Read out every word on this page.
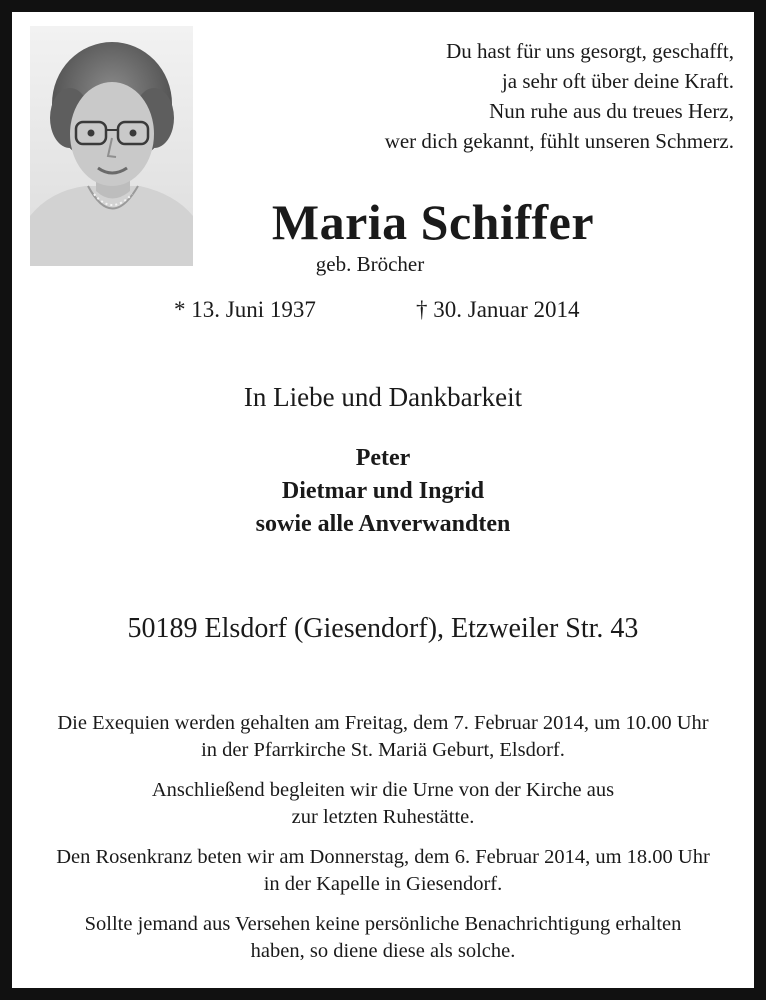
Du hast für uns gesorgt, geschafft,
ja sehr oft über deine Kraft.
Nun ruhe aus du treues Herz,
wer dich gekannt, fühlt unseren Schmerz.
Maria Schiffer
geb. Bröcher
* 13. Juni 1937	† 30. Januar 2014
In Liebe und Dankbarkeit
Peter
Dietmar und Ingrid
sowie alle Anverwandten
50189 Elsdorf (Giesendorf), Etzweiler Str. 43
Die Exequien werden gehalten am Freitag, dem 7. Februar 2014, um 10.00 Uhr
in der Pfarrkirche St. Mariä Geburt, Elsdorf.
Anschließend begleiten wir die Urne von der Kirche aus
zur letzten Ruhestätte.
Den Rosenkranz beten wir am Donnerstag, dem 6. Februar 2014, um 18.00 Uhr
in der Kapelle in Giesendorf.
Sollte jemand aus Versehen keine persönliche Benachrichtigung erhalten
haben, so diene diese als solche.
